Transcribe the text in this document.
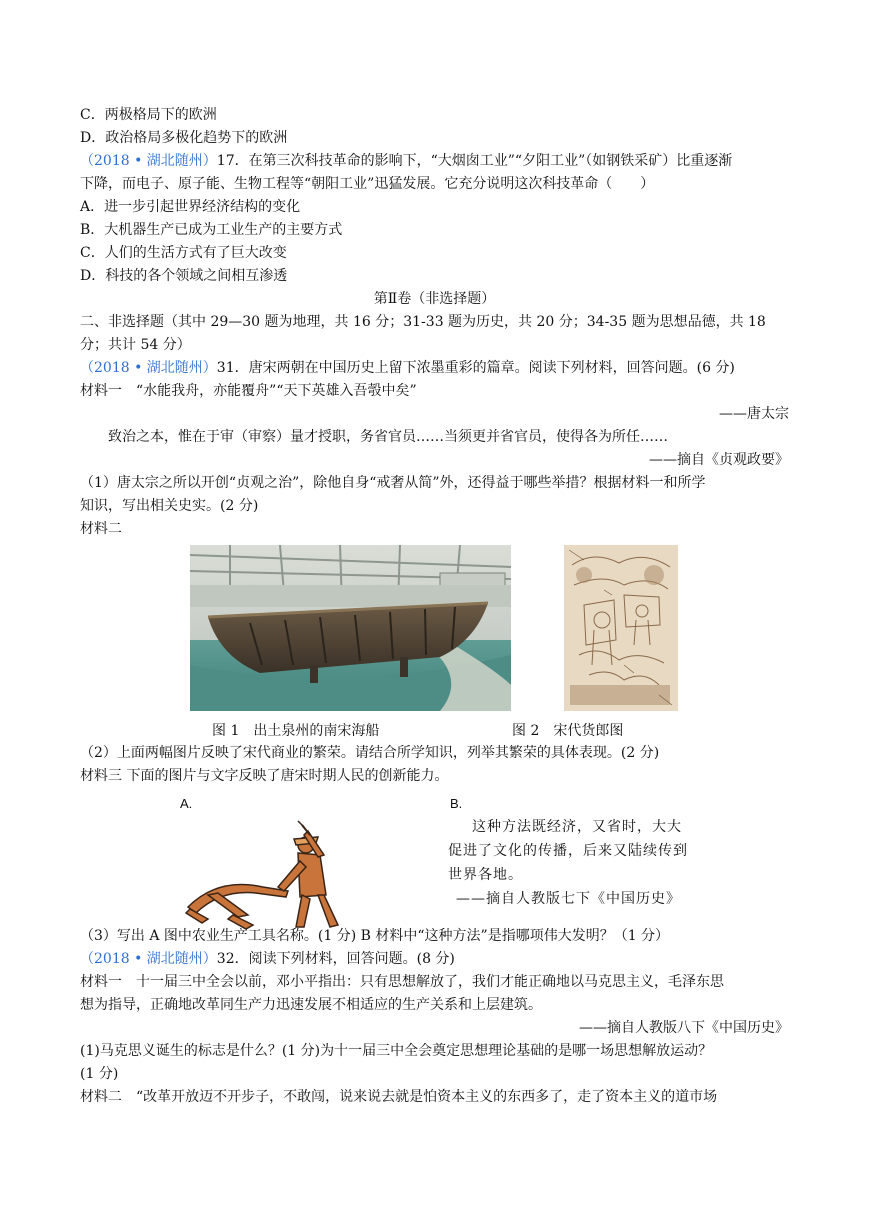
C．两极格局下的欧洲
D．政治格局多极化趋势下的欧洲
（2018 • 湖北随州）17．在第三次科技革命的影响下，“大烟囱工业”“夕阳工业”（如钢铁采矿）比重逐渐
下降，而电子、原子能、生物工程等“朝阳工业”迅猛发展。它充分说明这次科技革命（　　）
A．进一步引起世界经济结构的变化
B．大机器生产已成为工业生产的主要方式
C．人们的生活方式有了巨大改变
D．科技的各个领域之间相互渗透
第Ⅱ卷（非选择题）
二、非选择题（其中 29—30 题为地理，共 16 分；31-33 题为历史，共 20 分；34-35 题为思想品德，共 18
分；共计 54 分）
（2018 • 湖北随州）31．唐宋两朝在中国历史上留下浓墨重彩的篇章。阅读下列材料，回答问题。(6 分)
材料一　“水能我舟，亦能覆舟”“天下英雄入吾彀中矣”
——唐太宗
致治之本，惟在于审（审察）量才授职，务省官员……当须更并省官员，使得各为所任……
——摘自《贞观政要》
（1）唐太宗之所以开创“贞观之治”，除他自身“戒奢从简”外，还得益于哪些举措？根据材料一和所学
知识，写出相关史实。(2 分)
材料二
图 1　出土泉州的南宋海船	图 2　宋代货郎图
（2）上面两幅图片反映了宋代商业的繁荣。请结合所学知识，列举其繁荣的具体表现。(2 分)
材料三 下面的图片与文字反映了唐宋时期人民的创新能力。
A.	B.
这种方法既经济，又省时，大大
促进了文化的传播，后来又陆续传到
世界各地。
——摘自人教版七下《中国历史》
（3）写出 A 图中农业生产工具名称。(1 分) B 材料中“这种方法”是指哪项伟大发明？（1 分）
（2018 • 湖北随州）32．阅读下列材料，回答问题。(8 分)
材料一　十一届三中全会以前，邓小平指出：只有思想解放了，我们才能正确地以马克思主义，毛泽东思
想为指导，正确地改革同生产力迅速发展不相适应的生产关系和上层建筑。
——摘自人教版八下《中国历史》
(1)马克思义诞生的标志是什么？(1 分)为十一届三中全会奠定思想理论基础的是哪一场思想解放运动？
(1 分)
材料二　“改革开放迈不开步子，不敢闯，说来说去就是怕资本主义的东西多了，走了资本主义的道市场
